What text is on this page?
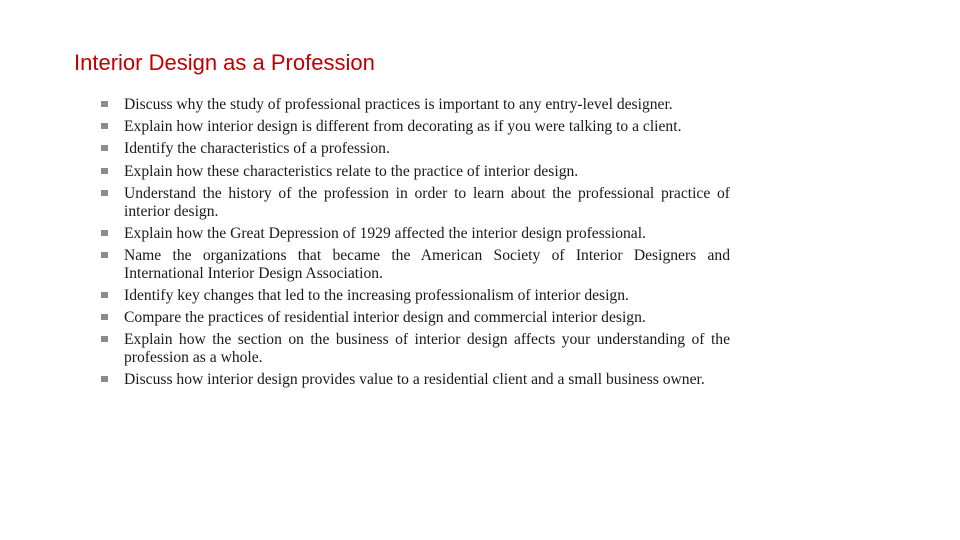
Interior Design as a Profession
Discuss why the study of professional practices is important to any entry-level designer.
Explain how interior design is different from decorating as if you were talking to a client.
Identify the characteristics of a profession.
Explain how these characteristics relate to the practice of interior design.
Understand the history of the profession in order to learn about the professional practice of interior design.
Explain how the Great Depression of 1929 affected the interior design professional.
Name the organizations that became the American Society of Interior Designers and International Interior Design Association.
Identify key changes that led to the increasing professionalism of interior design.
Compare the practices of residential interior design and commercial interior design.
Explain how the section on the business of interior design affects your understanding of the profession as a whole.
Discuss how interior design provides value to a residential client and a small business owner.
